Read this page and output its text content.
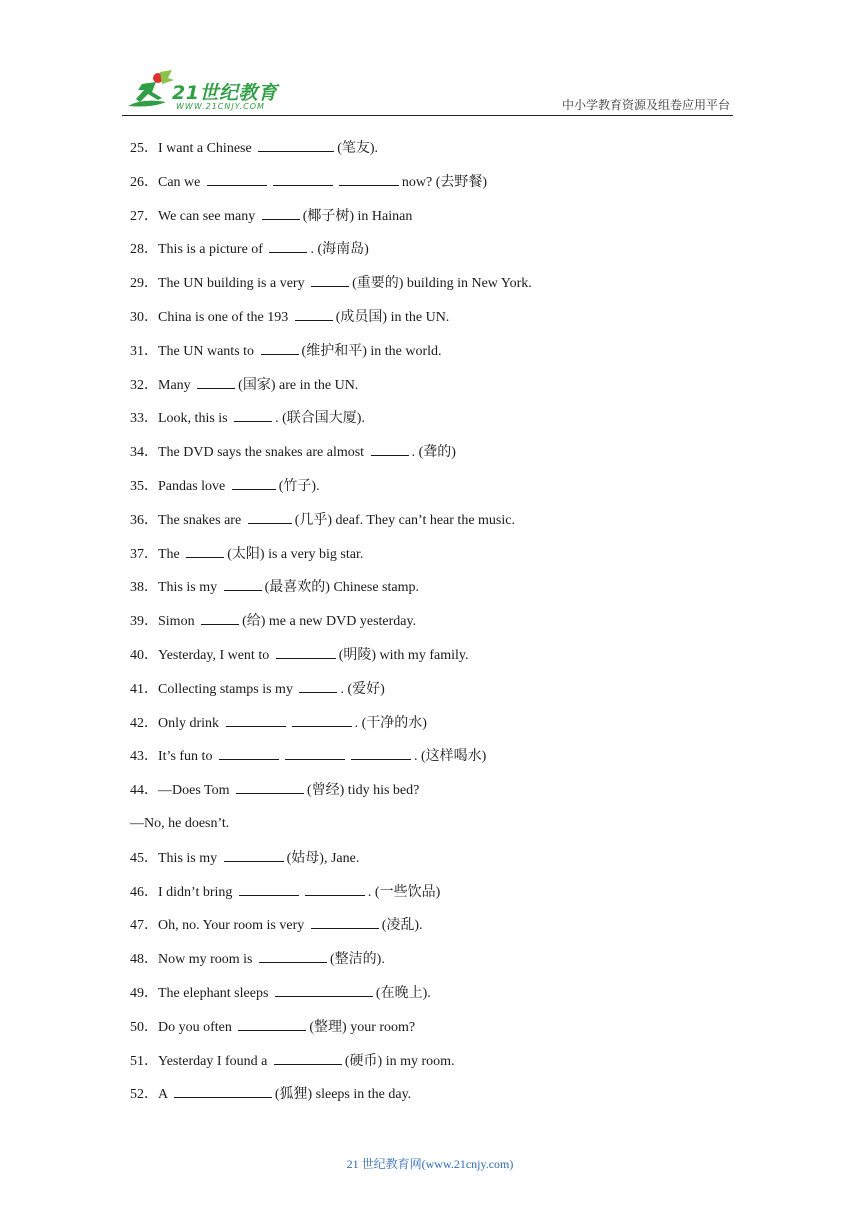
21世纪教育
WWW.21CNJY.COM	中小学教育资源及组卷应用平台
25．I want a Chinese	(笔友).
26．Can we	now? (去野餐)
27．We can see many	(椰子树) in Hainan
28．This is a picture of	. (海南岛)
29．The UN building is a very	(重要的) building in New York.
30．China is one of the 193	(成员国) in the UN.
31．The UN wants to	(维护和平) in the world.
32．Many	(国家) are in the UN.
33．Look, this is	. (联合国大厦).
34．The DVD says the snakes are almost	. (聋的)
35．Pandas love	(竹子).
36．The snakes are	(几乎) deaf. They can’t hear the music.
37．The	(太阳) is a very big star.
38．This is my	(最喜欢的) Chinese stamp.
39．Simon	(给) me a new DVD yesterday.
40．Yesterday, I went to	(明陵) with my family.
41．Collecting stamps is my	. (爱好)
42．Only drink	. (干净的水)
43．It’s fun to	. (这样喝水)
44．—Does Tom	(曾经) tidy his bed?
—No, he doesn’t.
45．This is my	(姑母), Jane.
46．I didn’t bring	. (一些饮品)
47．Oh, no. Your room is very	(凌乱).
48．Now my room is	(整洁的).
49．The elephant sleeps	(在晚上).
50．Do you often	(整理) your room?
51．Yesterday I found a	(硬币) in my room.
52．A	(狐狸) sleeps in the day.
21 世纪教育网(www.21cnjy.com)
